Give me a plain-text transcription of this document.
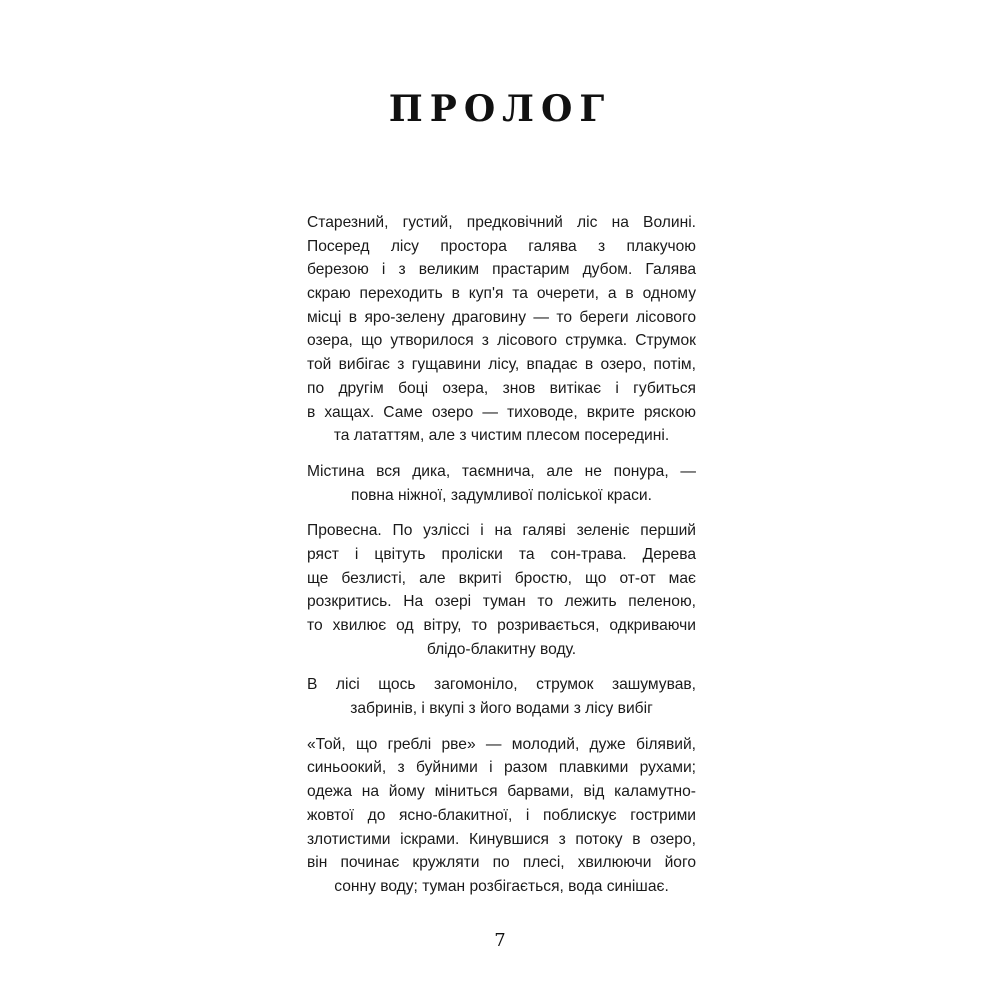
ПРОЛОГ
Старезний, густий, предковічний ліс на Волині.
Посеред лісу простора галява з плакучою
березою і з великим прастарим дубом. Галява
скраю переходить в куп'я та очерети, а в одному
місці в яро-зелену драговину — то береги лісового
озера, що утворилося з лісового струмка. Струмок
той вибігає з гущавини лісу, впадає в озеро, потім,
по другім боці озера, знов витікає і губиться
в хащах. Саме озеро — тиховоде, вкрите ряскою
та лататтям, але з чистим плесом посередині.
Містина вся дика, таємнича, але не понура, —
повна ніжної, задумливої поліської краси.
Провесна. По узліссі і на галяві зеленіє перший
ряст і цвітуть проліски та сон-трава. Дерева
ще безлисті, але вкриті бростю, що от-от має
розкритись. На озері туман то лежить пеленою,
то хвилює од вітру, то розривається, одкриваючи
блідо-блакитну воду.
В лісі щось загомоніло, струмок зашумував,
забринів, і вкупі з його водами з лісу вибіг
«Той, що греблі рве» — молодий, дуже білявий,
синьоокий, з буйними і разом плавкими рухами;
одежа на йому міниться барвами, від каламутно-
жовтої до ясно-блакитної, і поблискує гострими
злотистими іскрами. Кинувшися з потоку в озеро,
він починає кружляти по плесі, хвилюючи його
сонну воду; туман розбігається, вода синішає.
7
